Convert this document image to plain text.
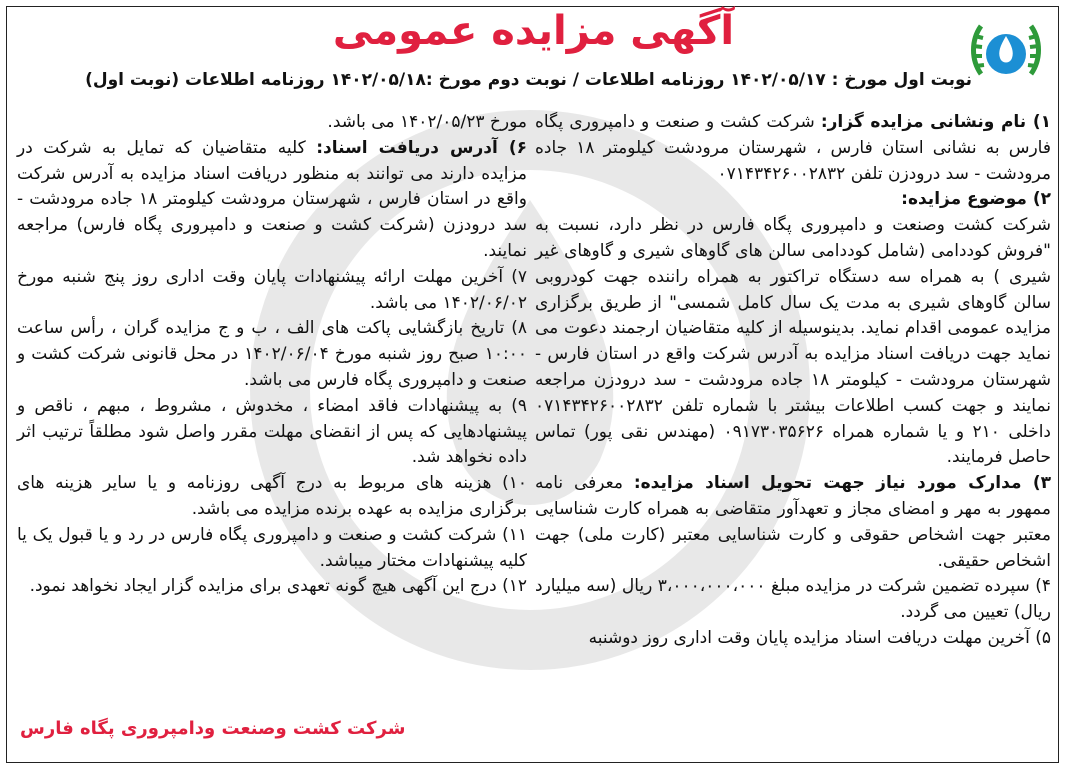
آگهی مزایده عمومی
نوبت اول مورخ : ۱۴۰۲/۰۵/۱۷ روزنامه اطلاعات / نوبت دوم مورخ :۱۴۰۲/۰۵/۱۸ روزنامه اطلاعات (نوبت اول)

۱) نام ونشانی مزایده گزار: شرکت کشت و صنعت و دامپروری پگاه فارس به نشانی استان فارس ، شهرستان مرودشت کیلومتر ۱۸ جاده مرودشت - سد درودزن تلفن ۰۷۱۴۳۴۲۶۰۰۲۸۳۲

۲) موضوع مزایده:

شرکت کشت وصنعت و دامپروری پگاه فارس در نظر دارد، نسبت به "فروش کوددامی (شامل کوددامی سالن های گاوهای شیری و گاوهای غیر شیری ) به همراه سه دستگاه تراکتور به همراه راننده جهت کودروبی سالن گاوهای شیری به مدت یک سال کامل شمسی" از طریق برگزاری مزایده عمومی اقدام نماید. بدینوسیله از کلیه متقاضیان ارجمند دعوت می نماید جهت دریافت اسناد مزایده به آدرس شرکت واقع در استان فارس - شهرستان مرودشت - کیلومتر ۱۸ جاده مرودشت - سد درودزن مراجعه نمایند و جهت کسب اطلاعات بیشتر با شماره تلفن ۰۷۱۴۳۴۲۶۰۰۲۸۳۲ داخلی ۲۱۰ و یا شماره همراه ۰۹۱۷۳۰۳۵۶۲۶ (مهندس نقی پور) تماس حاصل فرمایند.

۳) مدارک مورد نیاز جهت تحویل اسناد مزایده: معرفی نامه ممهور به مهر و امضای مجاز و تعهدآور متقاضی به همراه کارت شناسایی معتبر جهت اشخاص حقوقی و کارت شناسایی معتبر (کارت ملی) جهت اشخاص حقیقی.

۴) سپرده تضمین شرکت در مزایده مبلغ ۳،۰۰۰،۰۰۰،۰۰۰ ریال (سه میلیارد ریال) تعیین می گردد.

۵) آخرین مهلت دریافت اسناد مزایده پایان وقت اداری روز دوشنبه

مورخ ۱۴۰۲/۰۵/۲۳ می باشد.

۶) آدرس دریافت اسناد: کلیه متقاضیان که تمایل به شرکت در مزایده دارند می توانند به منظور دریافت اسناد مزایده به آدرس شرکت واقع در استان فارس ، شهرستان مرودشت کیلومتر ۱۸ جاده مرودشت - سد درودزن (شرکت کشت و صنعت و دامپروری پگاه فارس) مراجعه نمایند.

۷) آخرین مهلت ارائه پیشنهادات پایان وقت اداری روز پنج شنبه مورخ ۱۴۰۲/۰۶/۰۲ می باشد.

۸) تاریخ بازگشایی پاکت های الف ، ب و ج مزایده گران ، رأس ساعت ۱۰:۰۰ صبح روز شنبه مورخ ۱۴۰۲/۰۶/۰۴ در محل قانونی شرکت کشت و صنعت و دامپروری پگاه فارس می باشد.

۹) به پیشنهادات فاقد امضاء ، مخدوش ، مشروط ، مبهم ، ناقص و پیشنهادهایی که پس از انقضای مهلت مقرر واصل شود مطلقاً ترتیب اثر داده نخواهد شد.

۱۰) هزینه های مربوط به درج آگهی روزنامه و یا سایر هزینه های برگزاری مزایده به عهده برنده مزایده می باشد.

۱۱) شرکت کشت و صنعت و دامپروری پگاه فارس در رد و یا قبول یک یا کلیه پیشنهادات مختار میباشد.

۱۲) درج این آگهی هیچ گونه تعهدی برای مزایده گزار ایجاد نخواهد نمود.

شرکت کشت وصنعت ودامپروری پگاه فارس
